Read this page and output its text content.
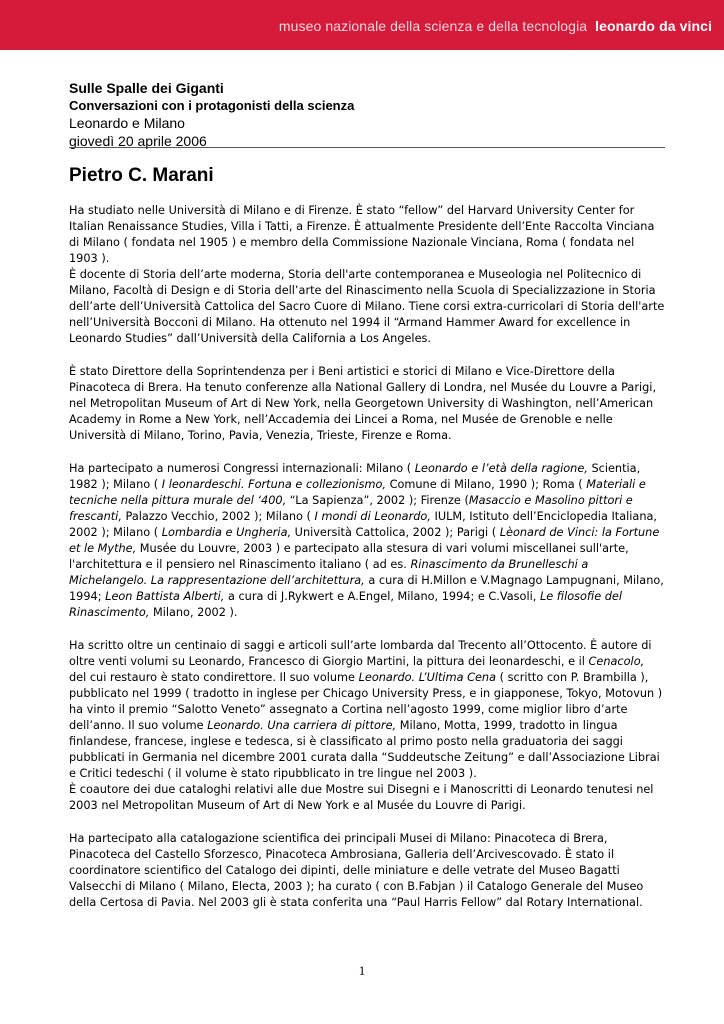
museo nazionale della scienza e della tecnologia leonardo da vinci
Sulle Spalle dei Giganti
Conversazioni con i protagonisti della scienza
Leonardo e Milano
giovedì 20 aprile 2006
Pietro C. Marani

Ha studiato nelle Università di Milano e di Firenze. È stato “fellow” del Harvard University Center for Italian Renaissance Studies, Villa i Tatti, a Firenze. È attualmente Presidente dell’Ente Raccolta Vinciana di Milano ( fondata nel 1905 ) e membro della Commissione Nazionale Vinciana, Roma ( fondata nel 1903 ).
È docente di Storia dell’arte moderna, Storia dell'arte contemporanea e Museologia nel Politecnico di Milano, Facoltà di Design e di Storia dell’arte del Rinascimento nella Scuola di Specializzazione in Storia dell’arte dell’Università Cattolica del Sacro Cuore di Milano. Tiene corsi extra-curricolari di Storia dell'arte nell’Università Bocconi di Milano. Ha ottenuto nel 1994 il “Armand Hammer Award for excellence in Leonardo Studies” dall’Università della California a Los Angeles.

È stato Direttore della Soprintendenza per i Beni artistici e storici di Milano e Vice-Direttore della Pinacoteca di Brera. Ha tenuto conferenze alla National Gallery di Londra, nel Musée du Louvre a Parigi, nel Metropolitan Museum of Art di New York, nella Georgetown University di Washington, nell’American Academy in Rome a New York, nell’Accademia dei Lincei a Roma, nel Musée de Grenoble e nelle Università di Milano, Torino, Pavia, Venezia, Trieste, Firenze e Roma.

Ha partecipato a numerosi Congressi internazionali: Milano ( Leonardo e l’età della ragione, Scientia, 1982 ); Milano ( I leonardeschi. Fortuna e collezionismo, Comune di Milano, 1990 ); Roma ( Materiali e tecniche nella pittura murale del ‘400, “La Sapienza”, 2002 ); Firenze (Masaccio e Masolino pittori e frescanti, Palazzo Vecchio, 2002 ); Milano ( I mondi di Leonardo, IULM, Istituto dell’Enciclopedia Italiana, 2002 ); Milano ( Lombardia e Ungheria, Università Cattolica, 2002 ); Parigi ( Lèonard de Vinci: la Fortune et le Mythe, Musée du Louvre, 2003 ) e partecipato alla stesura di vari volumi miscellanei sull'arte, l'architettura e il pensiero nel Rinascimento italiano ( ad es. Rinascimento da Brunelleschi a Michelangelo. La rappresentazione dell’architettura, a cura di H.Millon e V.Magnago Lampugnani, Milano, 1994; Leon Battista Alberti, a cura di J.Rykwert e A.Engel, Milano, 1994; e C.Vasoli, Le filosofie del Rinascimento, Milano, 2002 ).

Ha scritto oltre un centinaio di saggi e articoli sull’arte lombarda dal Trecento all’Ottocento. È autore di oltre venti volumi su Leonardo, Francesco di Giorgio Martini, la pittura dei leonardeschi, e il Cenacolo, del cui restauro è stato condirettore. Il suo volume Leonardo. L’Ultima Cena ( scritto con P. Brambilla ), pubblicato nel 1999 ( tradotto in inglese per Chicago University Press, e in giapponese, Tokyo, Motovun ) ha vinto il premio “Salotto Veneto” assegnato a Cortina nell’agosto 1999, come miglior libro d’arte dell’anno. Il suo volume Leonardo. Una carriera di pittore, Milano, Motta, 1999, tradotto in lingua finlandese, francese, inglese e tedesca, si è classificato al primo posto nella graduatoria dei saggi pubblicati in Germania nel dicembre 2001 curata dalla “Suddeutsche Zeitung” e dall’Associazione Librai e Critici tedeschi ( il volume è stato ripubblicato in tre lingue nel 2003 ).
È coautore dei due cataloghi relativi alle due Mostre sui Disegni e i Manoscritti di Leonardo tenutesi nel 2003 nel Metropolitan Museum of Art di New York e al Musée du Louvre di Parigi.

Ha partecipato alla catalogazione scientifica dei principali Musei di Milano: Pinacoteca di Brera, Pinacoteca del Castello Sforzesco, Pinacoteca Ambrosiana, Galleria dell’Arcivescovado. È stato il coordinatore scientifico del Catalogo dei dipinti, delle miniature e delle vetrate del Museo Bagatti Valsecchi di Milano ( Milano, Electa, 2003 ); ha curato ( con B.Fabjan ) il Catalogo Generale del Museo della Certosa di Pavia. Nel 2003 gli è stata conferita una “Paul Harris Fellow” dal Rotary International.

1
